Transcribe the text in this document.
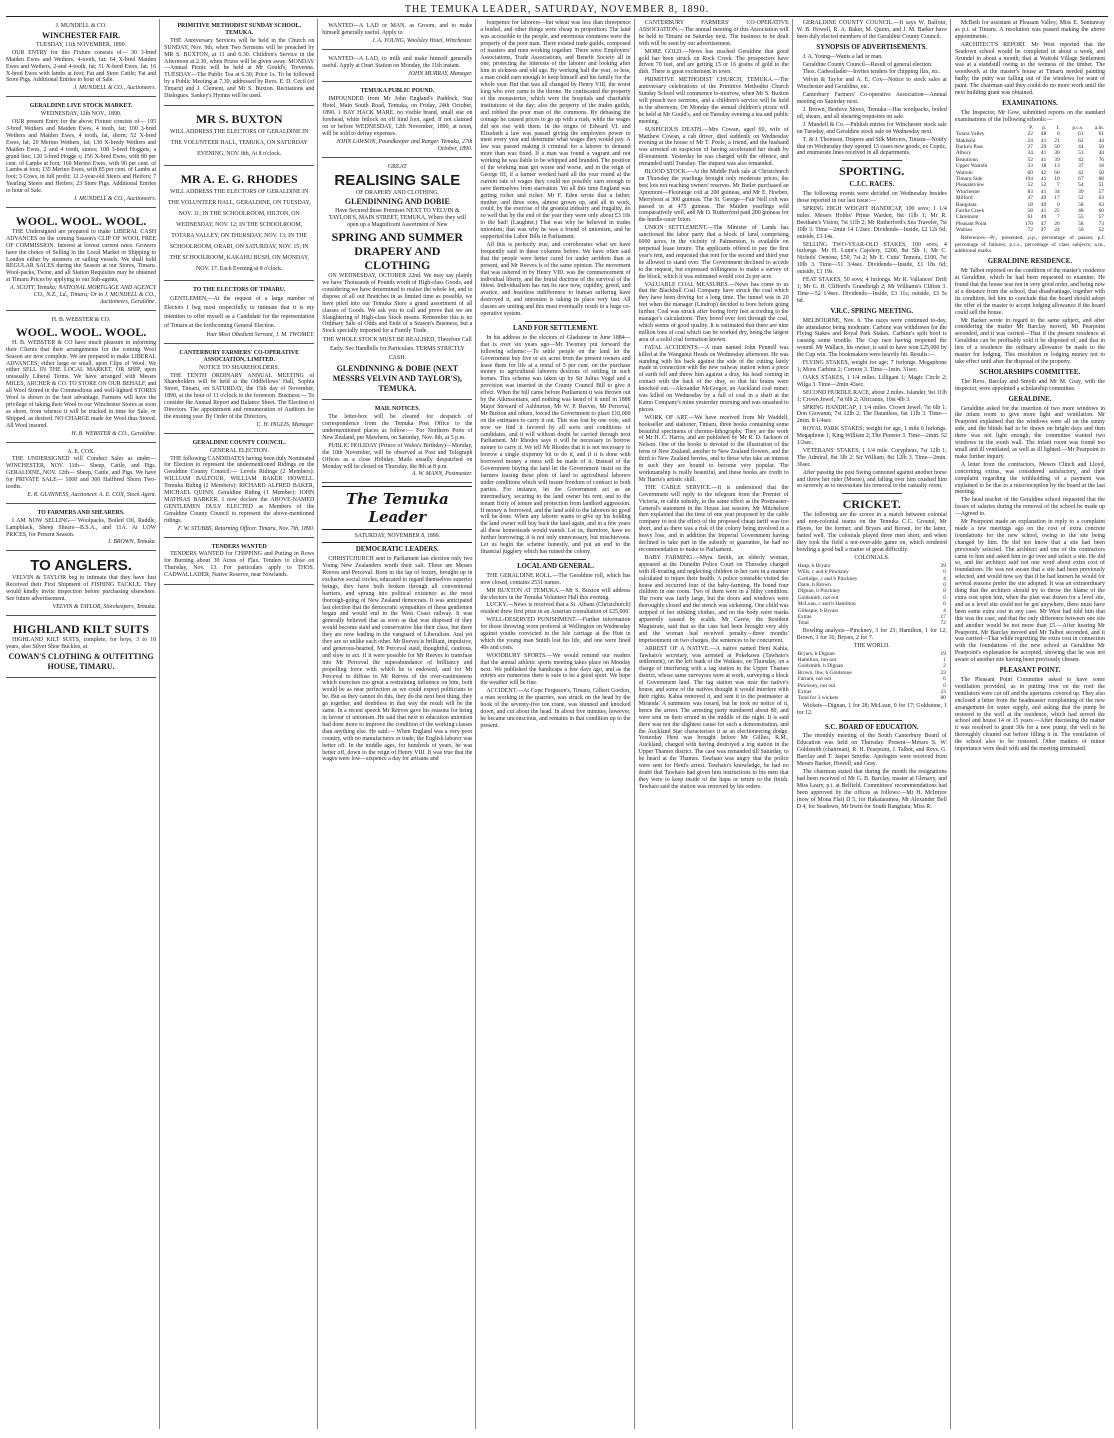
THE TEMUKA LEADER, SATURDAY, NOVEMBER 8, 1890.
J. MUNDELL & CO.
WINCHESTER FAIR.
TUESDAY, 11th NOVEMBER, 1890.

OUR ENTRY for this Fixture consists of— 30 3-bred Maiden Ewes and Wethers, 4-tooth, fat; 64 X-bred Maiden Ewes and Wethers, 2-and 4-tooth, fat; 51 X-bred Ewes, fat; 16 X-bred Ewes with lambs at foot; Fat and Store Cattle; Fat and Store Pigs. Additional Entries to hour of Sale.

J. MUNDELL & CO., Auctioneers.
GERALDINE LIVE STOCK MARKET.
WEDNESDAY, 12th NOV., 1890.

OUR present Entry for the above Fixture consists of— 195 3-bred Wethers and Maiden Ewes, 4 tooth, fat; 100 3-bred Wethers and Maiden Ewes, 4 tooth, fat, shorn; 52 X-bred Ewes, fat; 20 Merino Wethers, fat; 130 X-bredy Wethers and Maiden Ewes, 2 and 4 tooth, stores; 108 3-bred Hoggets, a grand line; 120 3-bred Hogge s; 156 X-bred Ewes, with 80 per cent. of Lambs at foot; 160 Merino Ewes, with 90 per cent. of Lambs at foot; 135 Merino Ewes, with 85 per cent. of Lambs at foot; 3 Cows, in full profit; 12 2-year-old Steers and Heifers; 7 Yearling Steers and Heifers; 23 Store Pigs. Additional Entries to hour of Sale.

J. MUNDELL & CO., Auctioneers.
WOOL. WOOL. WOOL.

THE Undersigned are prepared to make LIBERAL CASH ADVANCES on the coming Season's CLIP OF WOOL FREE OF COMMISSION. Interest at lowest current rates. Growers have the choice of Selling in the Local Market or Shipping to London either by steamers or sailing vessels. We shall hold REGULAR SALES during the Season at our Stores, Timaru. Wool-packs, Twine, and all Station Requisites may be obtained at Timaru Prices by applying to our Sub-agents,

A. SCOTT, Temuka; NATIONAL MORTGAGE AND AGENCY CO., N.Z., Ld., Timaru; Or to J. MUNDELL & CO., Auctioneers, Geraldine.
H. B. WEBSTER & CO.
WOOL. WOOL. WOOL.

H. B. WEBSTER & CO have much pleasure in informing their Clients that their arrangements for the coming Wool Season are now complete. We are prepared to make LIBERAL ADVANCES, either large or small, upon Clips of Wool. We either SELL IN THE LOCAL MARKET, OR SHIP, upon unusually Liberal Terms. We have arranged with Messrs MILES, ARCHER & CO. TO STORE ON OUR BEHALF, and all Wool Stored in the Commodious and well-lighted STORES Wool is shown to the best advantage. Farmers will have the privilege of taking their Wool to our Winchester Stores as soon as shorn, from whence it will be trucked in time for Sale, or Shipped, as desired. NO CHARGE made for Wool thus Stored. All Wool insured.

H. B. WEBSTER & CO., Geraldine.
A. E. COX.

THE UNDERSIGNED will Conduct Sales as under— WINCHESTER, NOV. 11th— Sheep, Cattle, and Pigs. GERALDINE, NOV. 12th— Sheep, Cattle, and Pigs. We have for PRIVATE SALE— 1000 and 300 Halfbred Shorn Two-tooths.

E. R. GUINNESS, Auctioneer. A. E. COX, Stock Agent.
TO FARMERS AND SHEARERS.

I AM NOW SELLING— Woolpacks, Boiled Oil, Raddle, Lampblack, Sheep Shears—B.S.A., and 11A. At LOW PRICES, for Present Season.

J. BROWN, Temuka.
TO ANGLERS.

VELVIN & TAYLOR beg to intimate that they have Just Received their First Shipment of FISHING TACKLE. They would kindly invite inspection before purchasing elsewhere. See future advertisement.

VELVIN & TAYLOR, Storekeepers, Temuka.
HIGHLAND KILT SUITS

HIGHLAND KILT SUITS, complete, for boys, 3 to 10 years, also Silver Shoe Buckles, at

COWAN'S CLOTHING & OUTFITTING HOUSE, TIMARU.
PRIMITIVE METHODIST SUNDAY SCHOOL, TEMUKA.

THE Anniversary Services will be held in the Church on SUNDAY, Nov. 9th, when Two Sermons will be preached by MR S. BUXTON, at 11 and 6.30. Children's Service in the Afternoon at 2.30, when Prizes will be given away. MONDAY—Annual Picnic will be held at Mr Gould's, Trevenna. TUESDAY—The Public Tea at 6.30; Price 1s. To be followed by a Public Meeting at 7.30, addressed by Revs. E. D. Cecil (of Timaru) and J. Clement, and Mr S. Buxton. Recitations and Dialogues. Sankey's Hymns will be used.

MR S. BUXTON
WILL ADDRESS THE ELECTORS OF GERALDINE IN THE VOLUNTEER HALL, TEMUKA, ON SATURDAY EVENING, NOV. 8th, At 8 o'clock.
MR A. E. G. RHODES
WILL ADDRESS THE ELECTORS OF GERALDINE IN THE VOLUNTEER HALL, GERALDINE, ON TUESDAY, NOV. 11; IN THE SCHOOLROOM, HILTON, ON WEDNESDAY, NOV. 12; IN THE SCHOOLROOM, TOTARA VALLEY, ON THURSDAY, NOV. 13; IN THE SCHOOLROOM, ORARI, ON SATURDAY, NOV. 15; IN THE SCHOOLROOM, KAKAHU BUSH, ON MONDAY, NOV. 17. Each Evening at 8 o'clock.
TO THE ELECTORS OF TIMARU.

GENTLEMEN,—At the request of a large number of Electors I beg most respectfully to intimate that it is my intention to offer myself as a Candidate for the representation of Timaru at the forthcoming General Election.

Your Most Obedient Servant, J. M. TWOMEY.
CANTERBURY FARMERS' CO-OPERATIVE ASSOCIATION, LIMITED.
NOTICE TO SHAREHOLDERS.

THE TENTH ORDINARY ANNUAL MEETING of Shareholders will be held at the Oddfellows' Hall, Sophia Street, Timaru, on SATURDAY, the 15th day of November, 1890, at the hour of 11 o'clock in the forenoon. Business:— To consider the Annual Report and Balance Sheet. The Election of Directors. The appointment and remuneration of Auditors for the ensuing year. By Order of the Directors,

C. H. INGLIS, Manager.
GERALDINE COUNTY COUNCIL.
GENERAL ELECTION.

THE following CANDIDATES having been duly Nominated for Election to represent the undermentioned Ridings on the Geraldine County Council:— Levels Ridings (2 Members): WILLIAM BALFOUR, WILLIAM BAKER HOWELL. Temuka Riding (2 Members): RICHARD ALFRED BAKER, MICHAEL QUINN. Geraldine Riding (1 Member): JOHN MATHIAS BARKER. I now declare the ABOVE-NAMED GENTLEMEN DULY ELECTED as Members of the Geraldine County Council to represent the above-mentioned ridings.

F. W. STUBBS, Returning Officer. Timaru, Nov. 7th, 1890.
TENDERS WANTED

TENDERS WANTED for CHIPPING and Putting in Rows for Burning about 30 Acres of Flax. Tenders to close on Thursday, Nov. 13. For particulars apply to THOS. CADWALLADER, Native Reserve, near Nowlands.

WANTED—A LAD or MAN, as Groom, and to make himself generally useful. Apply to

J. A. YOUNG, Woolsley Hotel, Winchester.

WANTED—A LAD, to milk and make himself generally useful. Apply at Orari Station on Monday, the 11th instant.

JOHN MURRAY, Manager.
TEMUKA PUBLIC POUND.

IMPOUNDED from Mr John England's Paddock, Star Hotel, Main South Road, Temuka, on Friday, 24th October, 1890, 1 BAY HACK MARE, no visible brand, small star on forehead, white fetlock on off hind foot, aged. If not claimed on or before WEDNESDAY, 12th November, 1890, at noon, will be sold to defray expenses.

JOHN LAWSON, Poundkeeper and Ranger. Temuka, 27th October, 1890.
GREAT
REALISING SALE
OF DRAPERY AND CLOTHING.
GLENDINNING AND DOBIE
Have Secured those Premises NEXT TO VELVIN & TAYLOR'S, MAIN STREET, TEMUKA, Where they will open up a Magnificent Assortment of New
SPRING AND SUMMER DRAPERY AND CLOTHING

ON WEDNESDAY, OCTOBER 22nd. We may say plainly we have Thousands of Pounds worth of High-class Goods, and considering we have determined to realise the whole lot, and to dispose of all our Branches in as limited time as possible, we have piled into our Temuka Store a grand assortment of all classes of Goods. We ask you to call and prove that we are Slaughtering of High-class Stock means. Remember this is no Ordinary Sale of Odds and Ends of a Season's Business, but a Stock specially imported for a Family Trade.

THE WHOLE STOCK MUST BE REALISED, Therefore Call Early. See Handbills for Particulars. TERMS STRICTLY CASH.
GLENDINNING & DOBIE (NEXT MESSRS VELVIN AND TAYLOR'S), TEMUKA.
MAIL NOTICES.

The letter-box will be cleared for despatch of correspondence from the Temuka Post Office to the undermentioned places as follow:— For Northern Ports of New Zealand, per Mawhera, on Saturday, Nov. 8th, at 5 p.m.

PUBLIC HOLIDAY (Prince of Wales's Birthday)—Monday, the 10th November, will be observed at Post and Telegraph Offices as a close Holiday. Mails usually despatched on Monday will be closed on Thursday, the 8th at 8 p.m.

A. W. MANN, Postmaster.
The Temuka Leader
SATURDAY, NOVEMBER 8, 1890.
DEMOCRATIC LEADERS.

CHRISTCHURCH sent to Parliament last election only two Young New Zealanders worth their salt. These are Messrs Reeves and Perceval. Born in the lap of luxury, brought up in exclusive social circles, educated to regard themselves superior beings, they have both broken through all conventional barriers, and sprung into political existence as the most thorough-going of New Zealand democrats. It was anticipated last election that the democratic sympathies of these gentlemen began and would end in the West Coast railway. It was generally believed that as soon as that was disposed of they would become staid and conservative like their class, but there they are now leading in the vanguard of Liberalism. And yet they are so unlike each other. Mr Reeves is brilliant, impulsive, and generous-hearted, Mr Perceval staid, thoughtful, cautious, and slow to act. If it were possible for Mr Reeves to transfuse into Mr Perceval the superabundance of brilliancy and propelling force with which he is endowed, and for Mr Perceval to diffuse to Mr Reeves of the over-cautiousness which exercises too great a restraining influence on him, both would be as near perfection as we could expect politicians to be. But as they cannot do this, they do the next best thing, they go together, and doubtless in that way the result will be the same. In a recent speech Mr Reeves gave his reasons for being in favour of unionism. He said that next to education unionism had done more to improve the condition of the working classes than anything else. He said:— When England was a very poor country, with no manufactures or trade, the English laborer was better off. In the middle ages, for hundreds of years, he was better off, down to the reign of Henry VIII. It was true that the wages were low—sixpence a day for artisans and

fourpence for laborers—but wheat was less than threepence a bushel, and other things were cheap in proportion. The land was accessible to the people, and enormous commons were the property of the poor man. There existed trade guilds, composed of masters and men working together. There were Employers' Associations, Trade Associations, and Benefit Society all in one, protecting the interests of the laborer and looking after him in sickness and old age. By working half the year, or less, a man could earn enough to keep himself and his family for the whole year. But that was all changed by Henry VIII, the worst king who ever came to the throne. He confiscated the property of the monasteries, which were the hospitals and charitable institutions of the day; also the property of the trades guilds, and robbed the poor man of the commons. By debasing the coinage he caused prices to go up with a rush, while the wages did not rise with them. In the reigns of Edward VI. and Elizabeth a law was passed giving the employers power to meet every year and determine what wages they would pay. A law was passed making it criminal for a laborer to demand more than was fixed. If a man was found a vagrant and not working he was liable to be whipped and branded. The position of the working man got worse and worse, and in the reign of George III, if a farmer worked hard all the year round at the current rate of wages they could not possibly earn enough to save themselves from starvation. Yet all this time England was getting richer and richer. Mr F. Eden wrote that a father, mother, and three sons, almost grown up, and all in work, could, by the exercise of the greatest industry and frugality, do so well that by the end of the year they were only about £3 10s to the bad! (Laughter.) That was why he believed in trades unionism; that was why he was a friend of unionism, and he supported the Labor Bills in Parliament.

All this is perfectly true, and corroborates what we have frequently said in these columns before. We have often said that the people were better cared for under serfdom than at present, and Mr Reeves is of the same opinion. The movement that was ushered in by Henry VIII. was the commencement of individual liberty, and the brutal doctrine of the survival of the fittest. Individualism has run its race now, cupidity, greed, and avarice, and heartless indifference to human suffering have destroyed it, and unionism is taking its place very fast. All classes are uniting and this must eventually result in a huge co-operative system.

LAND FOR SETTLEMENT.

In his address to the electors of Gladstone in June 1884—that is over six years ago—Mr Twomey put forward the following scheme:—To settle people on the land let the Government buy five or six acres from the present owners and lease them for life at a rental of 5 per cent. on the purchase money to agricultural laborers desirous of settling in such homes. This scheme was taken up by Sir Julius Vogel and a provision was inserted in the County Council Bill to give it effect. When the bill came before Parliament it was thrown out by the Atkinsonians, and nothing was heard of it until in 1888 Major Steward of Ashburton, Mr W. P. Reeves, Mr Perceval, Mr Buxton and others, forced the Government to place £10,000 on the estimates to carry it out. This was lost by one vote, and now we find it favored by all sorts and conditions of candidates, and it will without doubt be carried through next Parliament. Mr Rhodes says it will be necessary to borrow money to carry it. We tell Mr Rhodes that it is not necessary to borrow a single sixpenny bit to do it, and if it is done with borrowed money a mess will be made of it. Instead of the Government buying the land let the Government insist on the farmers leasing these plots of land to agricultural laborers under conditions which will insure freedom of contract to both parties. For instance, let the Government act as an intermediary, securing to the land owner his rent, and to the tenant fixity of tenure and protection from landlord aggression. If money is borrowed, and the land sold to the laborers no good will be done. When any laborer wants to give up his holding the land owner will buy back the land again, and in a few years all these homesteads would vanish. Let us, therefore, have no further borrowing; it is not only unnecessary, but mischievous. Let us begin the scheme honestly, and put an end to the financial jugglery which has ruined the colony.

LOCAL AND GENERAL.

THE GERALDINE ROLL.—The Geraldine roll, which has now closed, contains 2531 names.

MR BUXTON AT TEMUKA.—Mr S. Buxton will address the electors in the Temuka Volunteer Hall this evening.

LUCKY.—News is received that a St. Albans (Christchurch) resident drew first prize in an Austrian consultation of £25,000.

WELL-DESERVED PUNISHMENT.—Further information for those throwing worn proferral at Wellington on Wednesday against youths convicted in the Isle carriage at the Hutt in which the young man Smith lost his life, and one were fined 40s and costs.

WOODBURY SPORTS.—We would remind our readers that the annual athletic sports meeting takes place on Monday next. We published the handicaps a few days ago, and as the entries are numerous there is sure to be a good sport. We hope the weather will be fine.

ACCIDENT.—At Cope Ferguson's, Timaru, Gilbert Gordon, a man working in the quarries, was struck on the head by the hook of the seventy-five ton crane, was stunned and knocked down, and cut about the head. In about five minutes, however, he became unconscious, and remains in that condition up to the present.

CANTERBURY FARMERS' CO-OPERATIVE ASSOCIATION.—The annual meeting of this Association will be held in Timaru on Saturday next. The business to be dealt with will be seen by our advertisement.

MORE GOLD.—News has reached Geraldine that good gold has been struck on Rock Creek. The prospectors have driven 70 feet, and are getting 15 or 16 grains of gold to the dish. There is great excitement in town.

PRIMITIVE METHODIST CHURCH, TEMUKA.—The anniversary celebrations of the Primitive Methodist Church Sunday School will commence to-morrow, when Mr S. Buxton will preach two sermons, and a children's service will be held in the afternoon. On Monday the annual children's picnic will be held at Mr Gould's, and on Tuesday evening a tea and public meeting.

SUSPICIOUS DEATH.—Mrs Cowan, aged 60, wife of Matthew Cowan, a cab driver, died suddenly on Wednesday evening at the house of Mr T. Poole, a friend, and the husband was arrested on suspicion of having accelerated her death by ill-treatment. Yesterday he was charged with the offence, and remanded until Tuesday. The inquest was also remanded.

BLOOD STOCK.—At the Middle Park sale at Christchurch on Thursday the yearlings brought only moderate prices, the best lots not reaching owners' reserves. Mr Butler purchased an Apremont—Fleurange colt at 200 guineas, and Mr E. Hoeben, Merryboat at 300 guineas. The St. George—Fair Nell colt was passed in at 475 guineas. The Maiden yearlings sold comparatively well, and Mr D. Rutherford paid 200 guineas for the hurdle-racer Ixion.

UNION SETTLEMENT.—The Minister of Lands has sanctioned the labor party that a block of land, comprising 6000 acres, in the vicinity of Palmerston, is available on perpetual lease tenure. The applicants offered to pay the first year's rent, and requested that rent for the second and third year be allowed to stand over. The Government declined to accede to the request, but expressed willingness to make a survey of the block, which it was estimated would cost 2s per acre.

VALUABLE COAL MEASURES.—News has come to us that the Blackball Coal Company have struck the coal which they have been driving for a long time. The tunnel was in 20 feet when the manager (Lindrop) decided to bore before going further. Coal was struck after boring forty feet according to the manager's calculations. They bored over feet through the coal, which seems of good quality. It is estimated that there are nine million tons of coal which can be worked dry, being the largest area of a solid coal formation known.

FATAL ACCIDENTS.—A man named John Pennell was killed at the Wanganui Heads on Wednesday afternoon. He was standing with his back against the side of the cutting lately made in connection with the new railway station when a piece of earth fell and threw him against a dray, his head coming in contact with the back of the dray, so that his brains were knocked out.—Alexander McGregor, an Auckland coal miner, was killed on Wednesday by a fall of coal in a shaft at the Kamo Company's mine yesterday morning and was smashed to pieces.

WORK OF ART.—We have received from Mr Waddell, bookseller and stationer, Timaru, three books containing some beautiful specimens of chromo-lithography. They are the work of Mr H. C. Harris, and are published by Mr R. D. Jackson of Nelson. One of the books is devoted to the illustration of the ferns of New Zealand, another to New Zealand flowers, and the third to New Zealand berries, and to those who take an interest in such they are bound to become very popular. The workmanship is really beautiful, and these books are credit to Mr Harris's artistic skill.

THE CABLE SERVICE.—It is understood that the Government will reply to the telegram from the Premier of Victoria, re cable subsidy, to the same effect as the Postmaster-General's statement in the House last session. Mr Mitchelson then explained that the time of one year proposed by the cable company to test the effect of the proposed cheap tariff was too short, and as there was a risk of the colony being involved in a heavy loss, and in addition the Imperial Government having declined to take part in the subsidy or guarantee, he had no recommendation to make to Parliament.

BABY FARMING.—Myra Smith, an elderly woman, appeared at the Dunedin Police Court on Thursday charged with ill-treating and neglecting children in her care in a manner calculated to injure their health. A police constable visited the house and occurred four of the baby-farming. He found four children in one room. Two of them were in a filthy condition. The room was fairly large, but the doors and windows were thoroughly closed and the stench was sickening. One child was stripped of her stinking clothes, and on the body were marks apparently caused by scalds. Mr Carew, the Resident Magistrate, said that as the case had been brought very ably and the woman had received penalty—three months' imprisonment on two charges, the sentences to be concurrent.

ARREST OF A NATIVE.—A native named Heni Kahia, Tawhaio's secretary, was arrested at Pokekawa (Tawhaio's settlement), on the left bank of the Waikato, on Thursday, on a charge of interfering with a tag station in the Upper Thames district, whose same surveyors were at work, surveying a block of Government land. The tag station was near the native's house, and some of the natives thought it would interfere with their rights. Kahia removed it, and sent it to the postmaster at Miranda. A summons was issued, but he took no notice of it, hence the arrest. The arresting party numbered about 80, and were sent on their errand in the middle of the night. It is said there was not the slightest cause for such a demonstration, and the Auckland Star characterises it as an electioneering dodge. Yesterday Heni was brought before Mr Gillies, R.M., Auckland, charged with having destroyed a trig station in the Upper Thames district. The case was remanded till Saturday, to be heard at the Thames. Tawhaio was angry that the police were sent for Heni's arrest. Tawhaio's knowledge, he had no doubt that Tawhaio had given him instructions to his men that they were to keep inside of the hapu or return to the finish. Tawhaio said the station was removed by his orders.

GERALDINE COUNTY COUNCIL.—It says W. Balfour, W. B. Howell, R. A. Baker, M. Quinn, and J. M. Barker have been duly elected members of the Geraldine County Council.

SYNOPSIS OF ADVERTISEMENTS.

J. A. Young—Wants a lad or man.

Geraldine County Council—Result of general election.

Thos. Cadwallader—Invites tenders for chipping flax, etc.

Velvin & Taylor and A. E. Cox—Notice to stock sales at Winchester and Geraldine, etc.

Canterbury Farmers' Co-operative Association—Annual meeting on Saturday next.

J. Brown, Beehive Stores, Temuka—Has woolpacks, boiled oil, shears, and all shearing requisites on sale.

J. Mundell & Co.—Publish entries for Winchester stock sale on Tuesday, and Geraldine stock sale on Wednesday next.

T. & J. Thomson, Drapers and Silk Mercers, Timaru—Notify that on Wednesday they opened 13 cases new goods, ex Coptic, and enumerate lines received in all departments.

SPORTING.
C.J.C. RACES.

The following events were decided on Wednesday besides those reported in our last issue:—

SPRING HIGH WEIGHT HANDICAP, 100 sovs; 1 1/4 miles. Messrs Hobbs' Prime Warden, 8st 11lb 1; Mr R. Beetham's Vision, 7st 11lb 2; Mr Rutherford's Sea Traveler, 7st 10lb 3. Time—2min 14 1/2sec. Dividends—Inside, £2 12s 6d; outside, £3 14s.

SELLING TWO-YEAR-OLD STAKES, 100 sovs; 4 furlongs. Mr H. Lunn's Cajolery, £200, 8st 5lb 1; Mr C. Nichols' Oenone, £50, 7st 2; Mr E. Cutts' Temora, £100, 7st 10lb 3. Time—51 3/4sec. Dividends—Inside, £1 18s 6d; outside, £1 19s.

FEAT STAKES, 50 sovs; 4 furlongs. Mr R. Vallances' Drift 1; Mr G. H. Clifford's Grandleigh 2; Mr Williams's Clifton 3. Time—52 1/4sec. Dividends—Inside, £3 11s; outside, £3 5s 6d.

V.R.C. SPRING MEETING.

MELBOURNE, Nov. 6. The races were continued to-day, the attendance being moderate. Carbine was withdrawn for the Flying Stakes and Royal Park Stakes. Carbine's split hoof is causing some trouble. The Cup race having reopened the wound. Mr Wallace, his owner, is said to have won £25,000 by the Cup win. The bookmakers were heavily hit. Results:—

FLYING STAKES, weight for age; 7 furlongs. Megaphone 1; Mons Carbine 2; Correze 3. Time—1min. 31sec.

OAKS STAKES, 1 1/4 miles. Lilligant 1; Magic Circle 2; Wilga 3. Time—2min 43sec.

SECOND HURDLE RACE, about 2 miles. Islander, 9st 11lb 1; Crown Jewel, 7st 6lb 2; Africanus, 10st 4lb 3.

SPRING HANDICAP, 1 1/4 miles. Crown Jewel, 7st 6lb 1; Don Giovanni, 7st 12lb 2; The Dauntless, 6st 11lb 3. Time—2min. 8 1/4sec.

ROYAL PARK STAKES; weight for age, 1 mile 6 furlongs. Megaphone 1; King William 2; The Pioneer 3. Time—2min. 52 1/2sec.

VETERANS' STAKES, 1 1/4 mile. Corypheus, 7st 12lb 1; The Admiral, 8st 3lb 2; Sir William, 8st 12lb 3. Time—2min. 36sec.

After passing the post Swing cannoned against another horse and threw her rider (Moore), and falling over him crushed him so severely as to necessitate his removal to the casualty room.

CRICKET.

The following are the scores in a match between colonial and non-colonial teams on the Temuka C.C. Ground, Mr Hayes, for the former, and Bryars and Brown, for the latter, batted well. The colonials played three men short, and when they took the field a not-over-able game on, which rendered bowling a good ball a matter of great difficulty.

COLONIALS.
Heap, b Bryars	39
Wills, c and b Pinckney	0
Cartlidge, c and b Pinckney	4
Dann, b Brown	0
Dignan, b Pinckney	8
Goldsmith, not out	0
McLean, c and b Hamilton	6
Gillespie, b Bryars	4
Extras	17
Total	72

Bowling analysis—Pinckney, 3 for 23; Hamilton, 1 for 12; Brown, 1 for 16; Bryars, 2 for 7.

THE WORLD.
Bryars, b Dignan	19
Hamilton, run out	1
Goldsmith, b Dignan	2
Brown, lbw, b Goldstone	23
Farrant, not out	6
Pinckney, not out	0
Extras	23
Total for 3 wickets	80

Wickets—Dignan, 1 for 28; McLean, 0 for 17; Goldstone, 1 for 12.

S.C. BOARD OF EDUCATION.

The monthly meeting of the South Canterbury Board of Education was held on Thursday. Present—Messrs S. W. Goldsmith (chairman), R. H. Pearpoint, J. Talbot, and Revs. G. Barclay and T. Jasper Smythe. Apologies were received from Messrs Barker, Howell, and Gray.

The chairman stated that during the month the resignations had been received of Mr G. B. Barclay, master at Glenavy, and Miss Leary, p.t. at Belfield. Committees' recommendations had been approved by the offices as follows:—Mr H. McIntyre (now of Mona Flat) D 5, for Hakataramea, Mr Alexander Bell D 4, for Seadown, Mr Irwin for South Rangitata; Miss R.

McBeth for assistant at Pleasant Valley; Miss E. Sunnaway as p.t. at Timaru. A resolution was passed making the above appointments.

ARCHITECT'S REPORT. Mr West reported that the Seadown school would be completed in about a week, and Arundel in about a month; that at Waitohi Village Settlement was at a standstill owing to the wetness of the timber. The woodwork at the master's house at Timaru needed painting badly; the putty was falling out of the windows for want of paint. The chairman said they could do no more work until the next building grant was obtained.

EXAMINATIONS.

The Inspector, Mr Gow, submitted reports on the standard examinations of the following schools:—

	P.	p.	f.	p.c.s.	a.m.
Totara Valley	22	48	0	61	61
Makikihi	24	41	21	62	44
Burke's Pass	27	29	50	44	50
Albury	34	41	30	53	44
Beautioun	52	41	39	42	76
Upper Waitohi	33	18	13	37	18
Waitohi	60	42	60	42	50
Timaru Side	194	41	10	67	68
Pleasantview	52	52	7	54	51
Winchester	83	41	34	39	57
Milford	47	49	17	52	63
Rangitata	18	49	0	58	63
Fairlie Creek	58	41	25	48	60
Claremont	61	49	7	55	57
Pleasant Point	170	47	26	58	73
Waihao	72	47	24	50	52

References—Pr., presented; p.p., percentage of passes; p.f. percentage of failures; p.c.s., percentage of class subjects; a.m., additional marks.

GERALDINE RESIDENCE.

Mr Talbot reported on the condition of the master's residence at Geraldine, which he had been requested to examine. He found that the house was not in very good order, and being now at a distance from the school, that disadvantage, together with its condition, led him to conclude that the board should adopt the offer of the master to accept lodging allowance if the board could sell the house.

Mr Barker wrote in regard to the same subject, and after considering the matter Mr Barclay moved, Mr Pearpoint seconded, and it was carried—That if the present residence at Geraldine can be profitably sold it be disposed of, and that in lieu of a residence the ordinary allowance be made to the master for lodging. This resolution re lodging money not to take effect until after the disposal of the property.

SCHOLARSHIPS COMMITTEE.

The Revs. Barclay and Smyth and Mr M. Gray, with the inspector, were appointed a scholarship committee.

GERALDINE.

Geraldine asked for the insertion of two more windows in the infant room to give more light and ventilation. Mr Pearpoint explained that the windows were all on the sunny side, and the blinds had to be drawn on bright days and then there was not light enough; the committee wanted two windows in the south wall. The infant room was found too small and ill ventilated, as well as ill lighted.—Mr Pearpoint to make further inquiry.

A letter from the contractors, Messrs Clinch and Lloyd, concerning extras, was considered satisfactory, and their complaint regarding the withholding of a payment was explained to be due to a misconception by the board at the last meeting.

The head teacher of the Geraldine school requested that the losses of salaries during the removal of the school be made up—Agreed to.

Mr Pearpoint made an explanation in reply to a complaint made a few meetings ago on the cost of extra concrete foundations for the new school, owing to the site being changed by him. He did not know that a site had been previously selected. The architect and one of the contractors came to him and asked him to go over and select a site. He did so, and the architect said not one word about extra cost of foundations. He was not aware that a site had been previously selected, and would now say that if he had known he would for several reasons prefer the site adopted. It was an extraordinary thing that the architect should try to throw the blame of the extra cost upon him, when the plan was drawn for a level site, and as a level site could not be got anywhere, there must have been some extra cost in any case. Mr West had told him that this was the case, and that the only difference between one site and another would be not more than £5.—After hearing Mr Pearpoint, Mr Barclay moved and Mr Talbot seconded, and it was carried—That while regretting the extra cost in connection with the foundations of the new school at Geraldine Mr Pearpoint's explanation be accepted, showing that he was not aware of another site having been previously chosen.

PLEASANT POINT.

The Pleasant Point Committee asked to have some ventilation provided, as in putting iron on the roof the ventilators were cut off and the apertures covered up. They also enclosed a letter from the headmaster complaining of the new arrangement for water supply, and asking that the pump be restored to the well at the residence, which had served the school and house 14 or 15 years.—After discussing the matter it was resolved to grant 30s for a new pump, the well to be thoroughly cleaned out before filling it in. The ventilation of the school also to be restored. Other matters of minor importance were dealt with and the meeting terminated.
